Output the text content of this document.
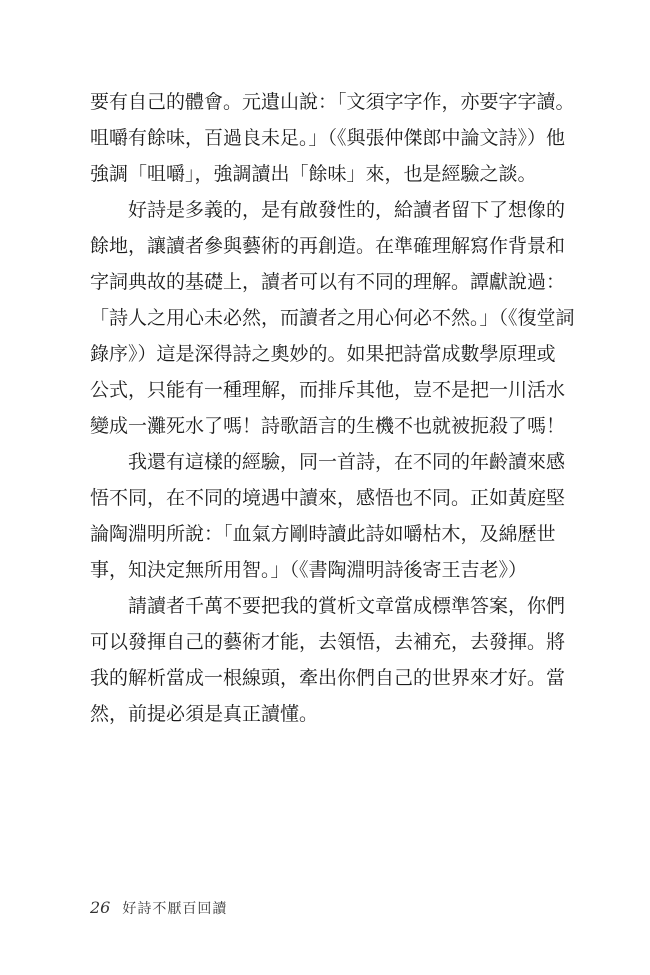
要有自己的體會。元遺山說：「文須字字作，亦要字字讀。
咀嚼有餘味，百過良未足。」（《與張仲傑郎中論文詩》）他
強調「咀嚼」，強調讀出「餘味」來，也是經驗之談。
　　好詩是多義的，是有啟發性的，給讀者留下了想像的
餘地，讓讀者參與藝術的再創造。在準確理解寫作背景和
字詞典故的基礎上，讀者可以有不同的理解。譚獻說過：
「詩人之用心未必然，而讀者之用心何必不然。」（《復堂詞
錄序》）這是深得詩之奧妙的。如果把詩當成數學原理或
公式，只能有一種理解，而排斥其他，豈不是把一川活水
變成一灘死水了嗎！詩歌語言的生機不也就被扼殺了嗎！
　　我還有這樣的經驗，同一首詩，在不同的年齡讀來感
悟不同，在不同的境遇中讀來，感悟也不同。正如黃庭堅
論陶淵明所說：「血氣方剛時讀此詩如嚼枯木，及綿歷世
事，知決定無所用智。」（《書陶淵明詩後寄王吉老》）
　　請讀者千萬不要把我的賞析文章當成標準答案，你們
可以發揮自己的藝術才能，去領悟，去補充，去發揮。將
我的解析當成一根線頭，牽出你們自己的世界來才好。當
然，前提必須是真正讀懂。
26 好詩不厭百回讀
